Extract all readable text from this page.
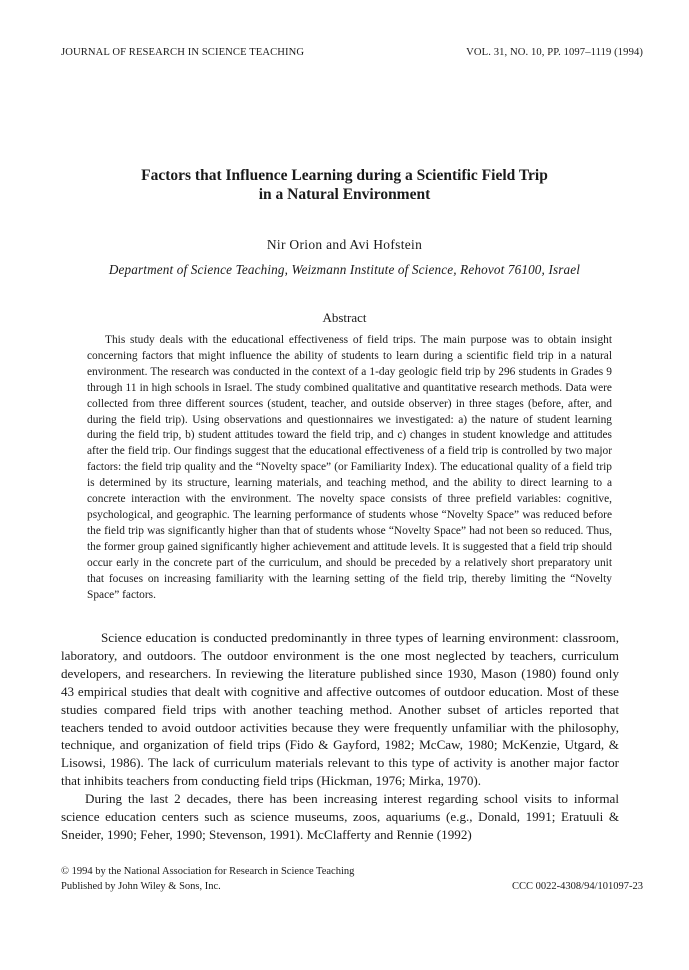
JOURNAL OF RESEARCH IN SCIENCE TEACHING	VOL. 31, NO. 10, PP. 1097–1119 (1994)
Factors that Influence Learning during a Scientific Field Trip
in a Natural Environment
Nir Orion and Avi Hofstein
Department of Science Teaching, Weizmann Institute of Science, Rehovot 76100, Israel
Abstract

This study deals with the educational effectiveness of field trips. The main purpose was to obtain insight concerning factors that might influence the ability of students to learn during a scientific field trip in a natural environment. The research was conducted in the context of a 1-day geologic field trip by 296 students in Grades 9 through 11 in high schools in Israel. The study combined qualitative and quantitative research methods. Data were collected from three different sources (student, teacher, and outside observer) in three stages (before, after, and during the field trip). Using observations and questionnaires we investigated: a) the nature of student learning during the field trip, b) student attitudes toward the field trip, and c) changes in student knowledge and attitudes after the field trip. Our findings suggest that the educational effectiveness of a field trip is controlled by two major factors: the field trip quality and the “Novelty space” (or Familiarity Index). The educational quality of a field trip is determined by its structure, learning materials, and teaching method, and the ability to direct learning to a concrete interaction with the environment. The novelty space consists of three prefield variables: cognitive, psychological, and geographic. The learning performance of students whose “Novelty Space” was reduced before the field trip was significantly higher than that of students whose “Novelty Space” had not been so reduced. Thus, the former group gained significantly higher achievement and attitude levels. It is suggested that a field trip should occur early in the concrete part of the curriculum, and should be preceded by a relatively short preparatory unit that focuses on increasing familiarity with the learning setting of the field trip, thereby limiting the “Novelty Space” factors.

Science education is conducted predominantly in three types of learning environment: classroom, laboratory, and outdoors. The outdoor environment is the one most neglected by teachers, curriculum developers, and researchers. In reviewing the literature published since 1930, Mason (1980) found only 43 empirical studies that dealt with cognitive and affective outcomes of outdoor education. Most of these studies compared field trips with another teaching method. Another subset of articles reported that teachers tended to avoid outdoor activities because they were frequently unfamiliar with the philosophy, technique, and organization of field trips (Fido & Gayford, 1982; McCaw, 1980; McKenzie, Utgard, & Lisowsi, 1986). The lack of curriculum materials relevant to this type of activity is another major factor that inhibits teachers from conducting field trips (Hickman, 1976; Mirka, 1970).

During the last 2 decades, there has been increasing interest regarding school visits to informal science education centers such as science museums, zoos, aquariums (e.g., Donald, 1991; Eratuuli & Sneider, 1990; Feher, 1990; Stevenson, 1991). McClafferty and Rennie (1992)

© 1994 by the National Association for Research in Science Teaching
Published by John Wiley & Sons, Inc.	CCC 0022-4308/94/101097-23
